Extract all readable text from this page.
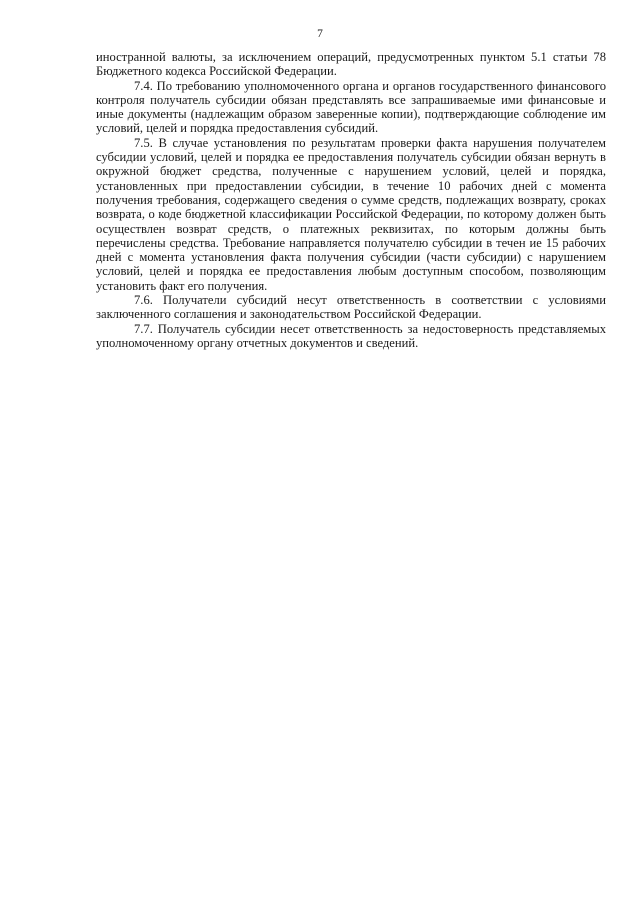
7

иностранной валюты, за исключением операций, предусмотренных пунктом 5.1 статьи 78 Бюджетного кодекса Российской Федерации.

7.4. По требованию уполномоченного органа и органов государственного финансового контроля получатель субсидии обязан представлять все запрашиваемые ими финансовые и иные документы (надлежащим образом заверенные копии), подтверждающие соблюдение им условий, целей и порядка предоставления субсидий.

7.5. В случае установления по результатам проверки факта нарушения получателем субсидии условий, целей и порядка ее предоставления получатель субсидии обязан вернуть в окружной бюджет средства, полученные с нарушением условий, целей и порядка, установленных при предоставлении субсидии, в течение 10 рабочих дней с момента получения требования, содержащего сведения о сумме средств, подлежащих возврату, сроках возврата, о коде бюджетной классификации Российской Федерации, по которому должен быть осуществлен возврат средств, о платежных реквизитах, по которым должны быть перечислены средства. Требование направляется получателю субсидии в течен ие 15 рабочих дней с момента установления факта получения субсидии (части субсидии) с нарушением условий, целей и порядка ее предоставления любым доступным способом, позволяющим установить факт его получения.

7.6. Получатели субсидий несут ответственность в соответствии с условиями заключенного соглашения и законодательством Российской Федерации.

7.7. Получатель субсидии несет ответственность за недостоверность представляемых уполномоченному органу отчетных документов и сведений.
